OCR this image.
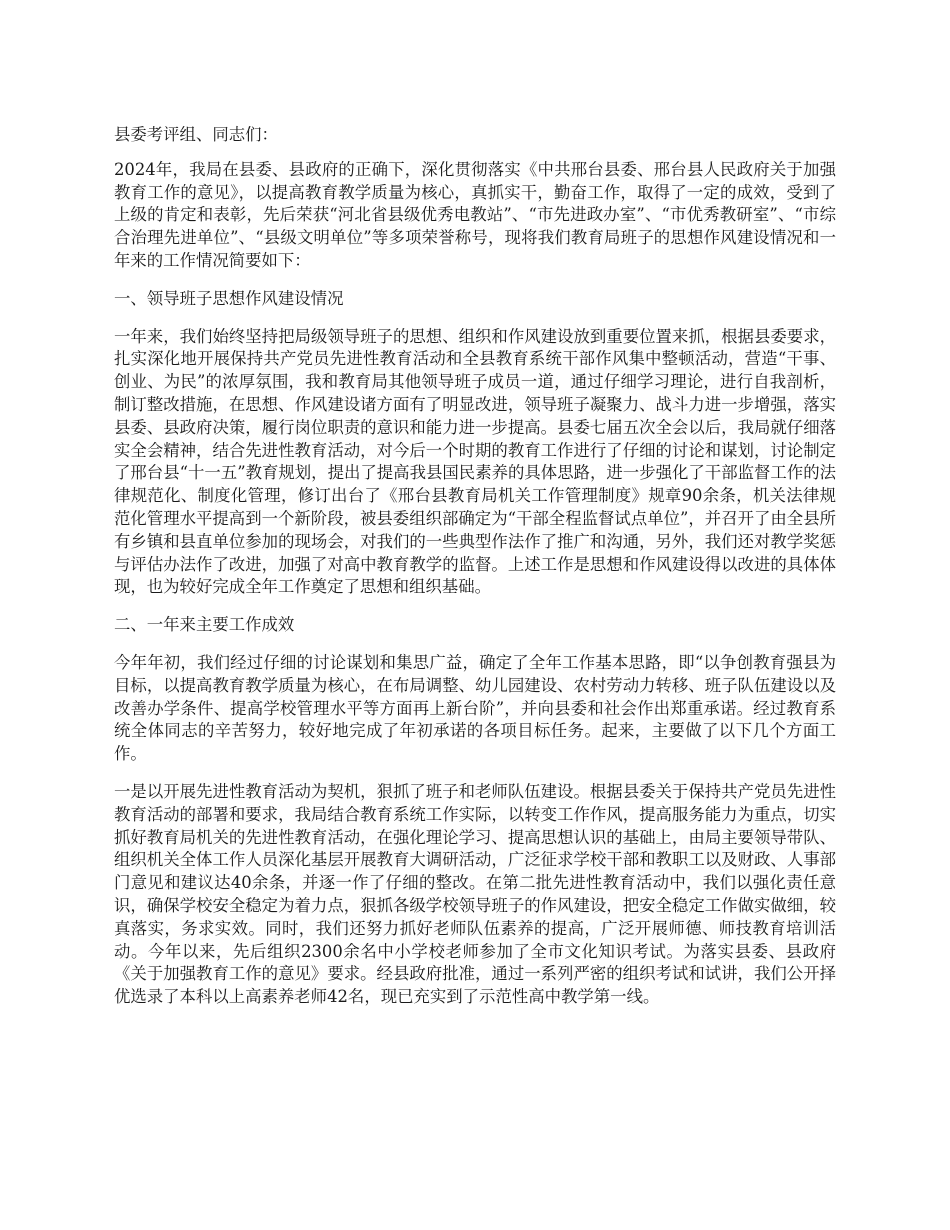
县委考评组、同志们：

2024年，我局在县委、县政府的正确下，深化贯彻落实《中共邢台县委、邢台县人民政府关于加强教育工作的意见》，以提高教育教学质量为核心，真抓实干，勤奋工作，取得了一定的成效，受到了上级的肯定和表彰，先后荣获“河北省县级优秀电教站”、“市先进政办室”、“市优秀教研室”、“市综合治理先进单位”、“县级文明单位”等多项荣誉称号，现将我们教育局班子的思想作风建设情况和一年来的工作情况简要如下：

一、领导班子思想作风建设情况

一年来，我们始终坚持把局级领导班子的思想、组织和作风建设放到重要位置来抓，根据县委要求，扎实深化地开展保持共产党员先进性教育活动和全县教育系统干部作风集中整顿活动，营造“干事、创业、为民”的浓厚氛围，我和教育局其他领导班子成员一道，通过仔细学习理论，进行自我剖析，制订整改措施，在思想、作风建设诸方面有了明显改进，领导班子凝聚力、战斗力进一步增强，落实县委、县政府决策，履行岗位职责的意识和能力进一步提高。县委七届五次全会以后，我局就仔细落实全会精神，结合先进性教育活动，对今后一个时期的教育工作进行了仔细的讨论和谋划，讨论制定了邢台县“十一五”教育规划，提出了提高我县国民素养的具体思路，进一步强化了干部监督工作的法律规范化、制度化管理，修订出台了《邢台县教育局机关工作管理制度》规章90余条，机关法律规范化管理水平提高到一个新阶段，被县委组织部确定为“干部全程监督试点单位”，并召开了由全县所有乡镇和县直单位参加的现场会，对我们的一些典型作法作了推广和沟通，另外，我们还对教学奖惩与评估办法作了改进，加强了对高中教育教学的监督。上述工作是思想和作风建设得以改进的具体体现，也为较好完成全年工作奠定了思想和组织基础。

二、一年来主要工作成效

今年年初，我们经过仔细的讨论谋划和集思广益，确定了全年工作基本思路，即“以争创教育强县为目标，以提高教育教学质量为核心，在布局调整、幼儿园建设、农村劳动力转移、班子队伍建设以及改善办学条件、提高学校管理水平等方面再上新台阶”，并向县委和社会作出郑重承诺。经过教育系统全体同志的辛苦努力，较好地完成了年初承诺的各项目标任务。起来，主要做了以下几个方面工作。

一是以开展先进性教育活动为契机，狠抓了班子和老师队伍建设。根据县委关于保持共产党员先进性教育活动的部署和要求，我局结合教育系统工作实际，以转变工作作风，提高服务能力为重点，切实抓好教育局机关的先进性教育活动，在强化理论学习、提高思想认识的基础上，由局主要领导带队、组织机关全体工作人员深化基层开展教育大调研活动，广泛征求学校干部和教职工以及财政、人事部门意见和建议达40余条，并逐一作了仔细的整改。在第二批先进性教育活动中，我们以强化责任意识，确保学校安全稳定为着力点，狠抓各级学校领导班子的作风建设，把安全稳定工作做实做细，较真落实，务求实效。同时，我们还努力抓好老师队伍素养的提高，广泛开展师德、师技教育培训活动。今年以来，先后组织2300余名中小学校老师参加了全市文化知识考试。为落实县委、县政府《关于加强教育工作的意见》要求。经县政府批准，通过一系列严密的组织考试和试讲，我们公开择优选录了本科以上高素养老师42名，现已充实到了示范性高中教学第一线。
